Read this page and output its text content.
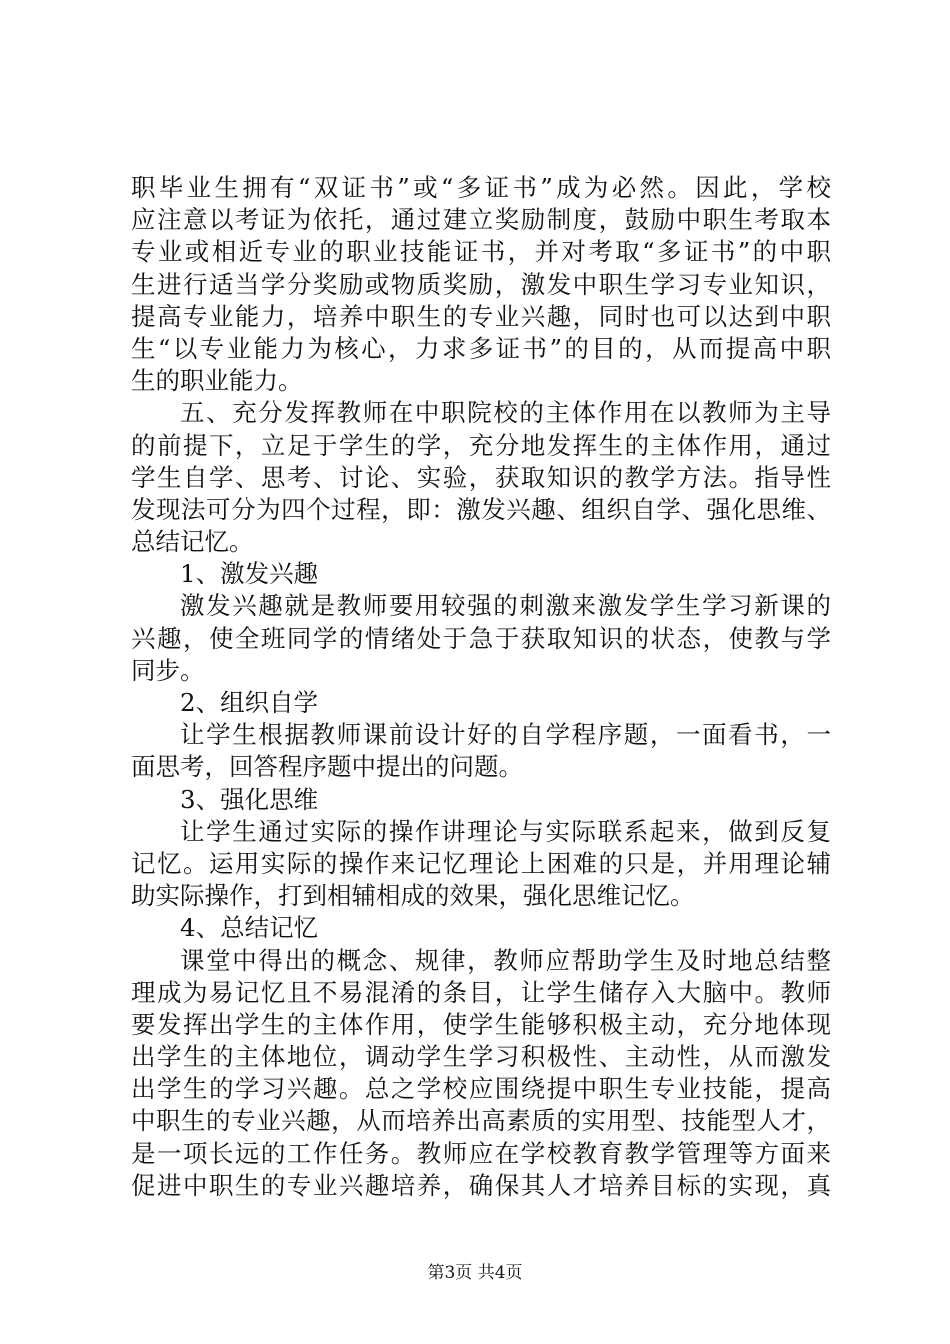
职毕业生拥有“双证书”或“多证书”成为必然。因此，学校
应注意以考证为依托，通过建立奖励制度，鼓励中职生考取本
专业或相近专业的职业技能证书，并对考取“多证书”的中职
生进行适当学分奖励或物质奖励，激发中职生学习专业知识，
提高专业能力，培养中职生的专业兴趣，同时也可以达到中职
生“以专业能力为核心，力求多证书”的目的，从而提高中职
生的职业能力。
五、充分发挥教师在中职院校的主体作用在以教师为主导
的前提下，立足于学生的学，充分地发挥生的主体作用，通过
学生自学、思考、讨论、实验，获取知识的教学方法。指导性
发现法可分为四个过程，即：激发兴趣、组织自学、强化思维、
总结记忆。
1、激发兴趣
激发兴趣就是教师要用较强的刺激来激发学生学习新课的
兴趣，使全班同学的情绪处于急于获取知识的状态，使教与学
同步。
2、组织自学
让学生根据教师课前设计好的自学程序题，一面看书，一
面思考，回答程序题中提出的问题。
3、强化思维
让学生通过实际的操作讲理论与实际联系起来，做到反复
记忆。运用实际的操作来记忆理论上困难的只是，并用理论辅
助实际操作，打到相辅相成的效果，强化思维记忆。
4、总结记忆
课堂中得出的概念、规律，教师应帮助学生及时地总结整
理成为易记忆且不易混淆的条目，让学生储存入大脑中。教师
要发挥出学生的主体作用，使学生能够积极主动，充分地体现
出学生的主体地位，调动学生学习积极性、主动性，从而激发
出学生的学习兴趣。总之学校应围绕提中职生专业技能，提高
中职生的专业兴趣，从而培养出高素质的实用型、技能型人才，
是一项长远的工作任务。教师应在学校教育教学管理等方面来
促进中职生的专业兴趣培养，确保其人才培养目标的实现，真
第3页 共4页
